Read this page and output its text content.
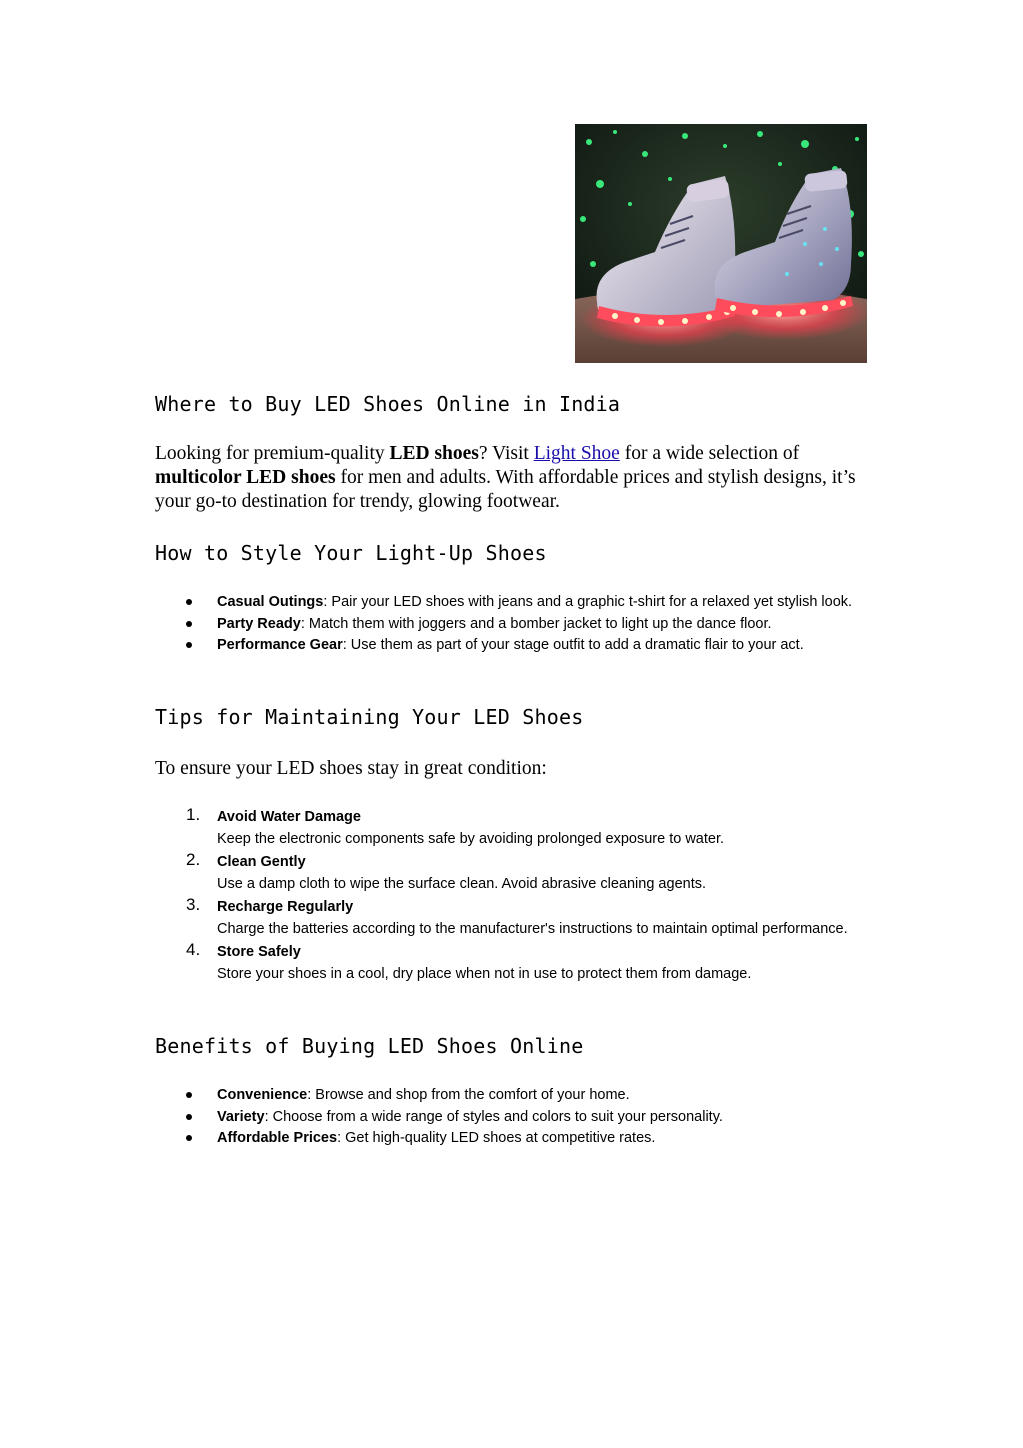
Where to Buy LED Shoes Online in India

Looking for premium-quality LED shoes? Visit Light Shoe for a wide selection of multicolor LED shoes for men and adults. With affordable prices and stylish designs, it’s your go-to destination for trendy, glowing footwear.

How to Style Your Light-Up Shoes
Casual Outings: Pair your LED shoes with jeans and a graphic t-shirt for a relaxed yet stylish look.
Party Ready: Match them with joggers and a bomber jacket to light up the dance floor.
Performance Gear: Use them as part of your stage outfit to add a dramatic flair to your act.
Tips for Maintaining Your LED Shoes

To ensure your LED shoes stay in great condition:

1. Avoid Water Damage
Keep the electronic components safe by avoiding prolonged exposure to water.
2. Clean Gently
Use a damp cloth to wipe the surface clean. Avoid abrasive cleaning agents.
3. Recharge Regularly
Charge the batteries according to the manufacturer's instructions to maintain optimal performance.
4. Store Safely
Store your shoes in a cool, dry place when not in use to protect them from damage.
Benefits of Buying LED Shoes Online
Convenience: Browse and shop from the comfort of your home.
Variety: Choose from a wide range of styles and colors to suit your personality.
Affordable Prices: Get high-quality LED shoes at competitive rates.
